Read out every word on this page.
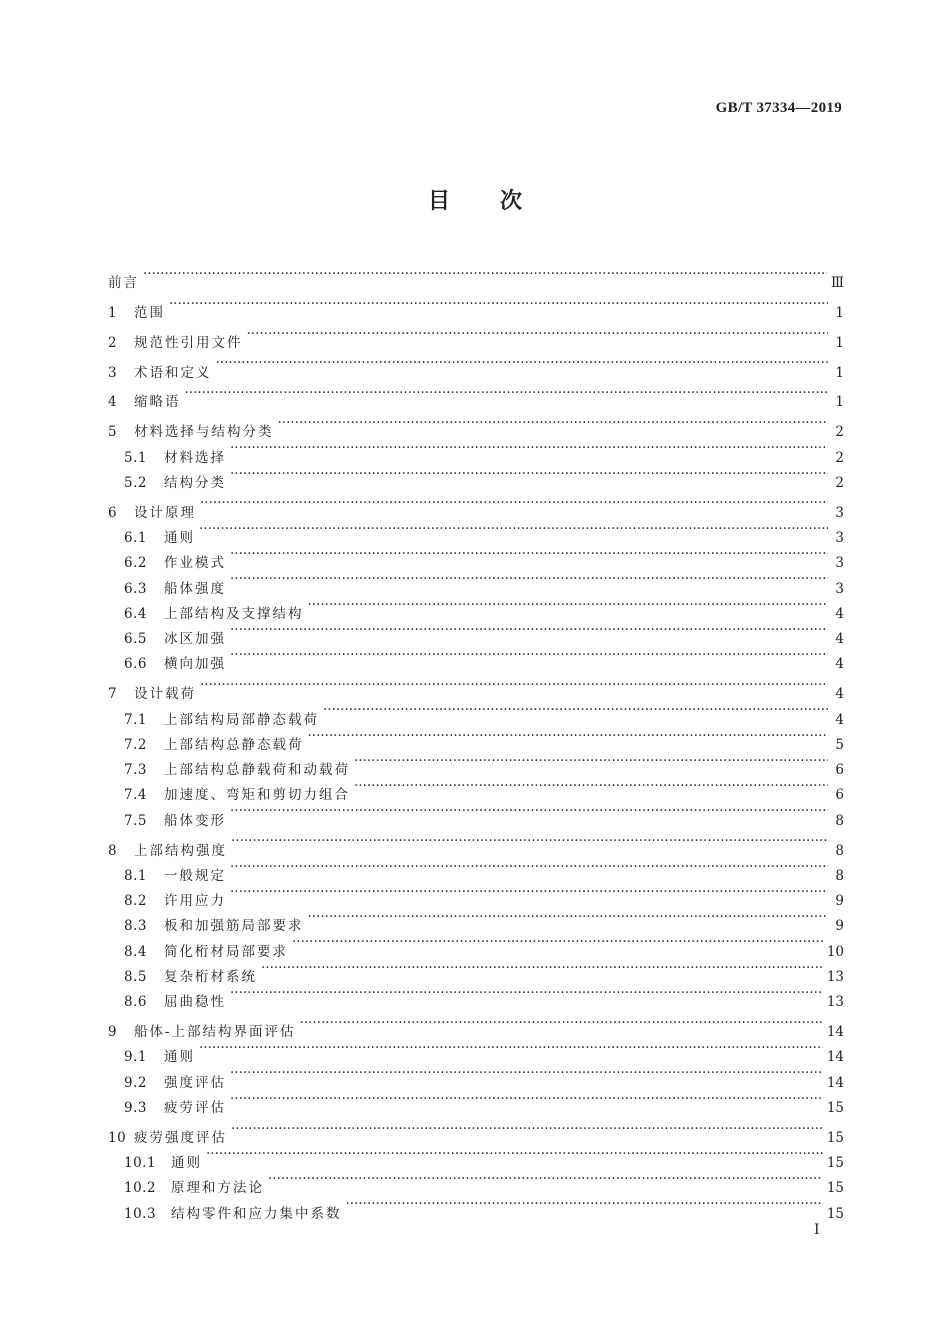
GB/T 37334—2019
目次
前言 ·····	Ⅲ
1	范围 ·····	1
2	规范性引用文件 ·····	1
3	术语和定义 ·····	1
4	缩略语 ·····	1
5	材料选择与结构分类 ·····	2
5.1	材料选择 ·····	2
5.2	结构分类 ·····	2
6	设计原理 ·····	3
6.1	通则 ·····	3
6.2	作业模式 ·····	3
6.3	船体强度 ·····	3
6.4	上部结构及支撑结构 ·····	4
6.5	冰区加强 ·····	4
6.6	横向加强 ·····	4
7	设计载荷 ·····	4
7.1	上部结构局部静态载荷 ·····	4
7.2	上部结构总静态载荷 ·····	5
7.3	上部结构总静载荷和动载荷 ·····	6
7.4	加速度、弯矩和剪切力组合 ·····	6
7.5	船体变形 ·····	8
8	上部结构强度 ·····	8
8.1	一般规定 ·····	8
8.2	许用应力 ·····	9
8.3	板和加强筋局部要求 ·····	9
8.4	简化桁材局部要求 ·····	10
8.5	复杂桁材系统 ·····	13
8.6	屈曲稳性 ·····	13
9	船体-上部结构界面评估 ·····	14
9.1	通则 ·····	14
9.2	强度评估 ·····	14
9.3	疲劳评估 ·····	15
10 疲劳强度评估 ·····	15
10.1	通则 ·····	15
10.2	原理和方法论 ·····	15
10.3	结构零件和应力集中系数 ·····	15
I
